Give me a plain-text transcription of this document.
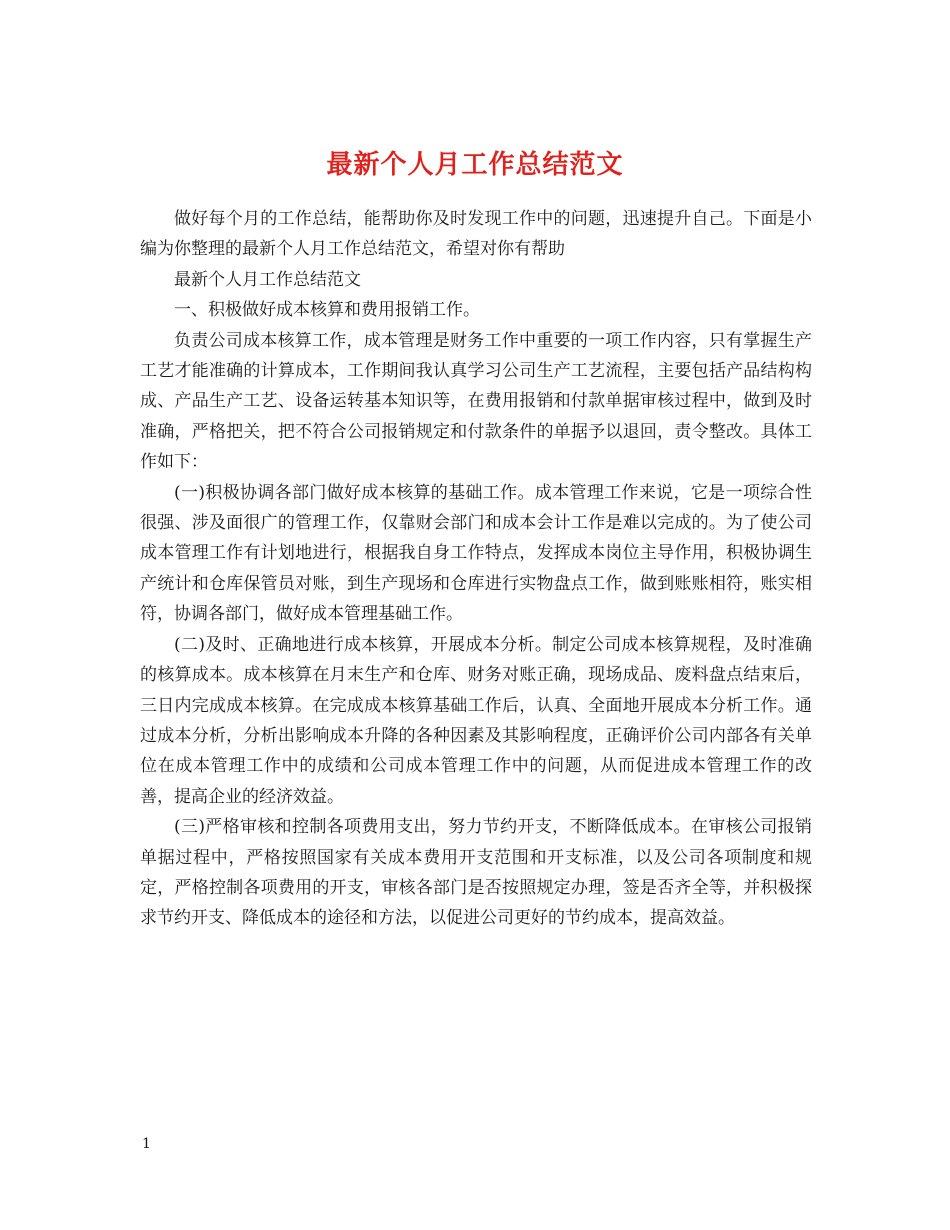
最新个人月工作总结范文

做好每个月的工作总结，能帮助你及时发现工作中的问题，迅速提升自己。下面是小编为你整理的最新个人月工作总结范文，希望对你有帮助

最新个人月工作总结范文

一、积极做好成本核算和费用报销工作。

负责公司成本核算工作，成本管理是财务工作中重要的一项工作内容，只有掌握生产工艺才能准确的计算成本，工作期间我认真学习公司生产工艺流程，主要包括产品结构构成、产品生产工艺、设备运转基本知识等，在费用报销和付款单据审核过程中，做到及时准确，严格把关，把不符合公司报销规定和付款条件的单据予以退回，责令整改。具体工作如下：

(一)积极协调各部门做好成本核算的基础工作。成本管理工作来说，它是一项综合性很强、涉及面很广的管理工作，仅靠财会部门和成本会计工作是难以完成的。为了使公司成本管理工作有计划地进行，根据我自身工作特点，发挥成本岗位主导作用，积极协调生产统计和仓库保管员对账，到生产现场和仓库进行实物盘点工作，做到账账相符，账实相符，协调各部门，做好成本管理基础工作。

(二)及时、正确地进行成本核算，开展成本分析。制定公司成本核算规程，及时准确的核算成本。成本核算在月末生产和仓库、财务对账正确，现场成品、废料盘点结束后，三日内完成成本核算。在完成成本核算基础工作后，认真、全面地开展成本分析工作。通过成本分析，分析出影响成本升降的各种因素及其影响程度，正确评价公司内部各有关单位在成本管理工作中的成绩和公司成本管理工作中的问题，从而促进成本管理工作的改善，提高企业的经济效益。

(三)严格审核和控制各项费用支出，努力节约开支，不断降低成本。在审核公司报销单据过程中，严格按照国家有关成本费用开支范围和开支标准，以及公司各项制度和规定，严格控制各项费用的开支，审核各部门是否按照规定办理，签是否齐全等，并积极探求节约开支、降低成本的途径和方法，以促进公司更好的节约成本，提高效益。

1
